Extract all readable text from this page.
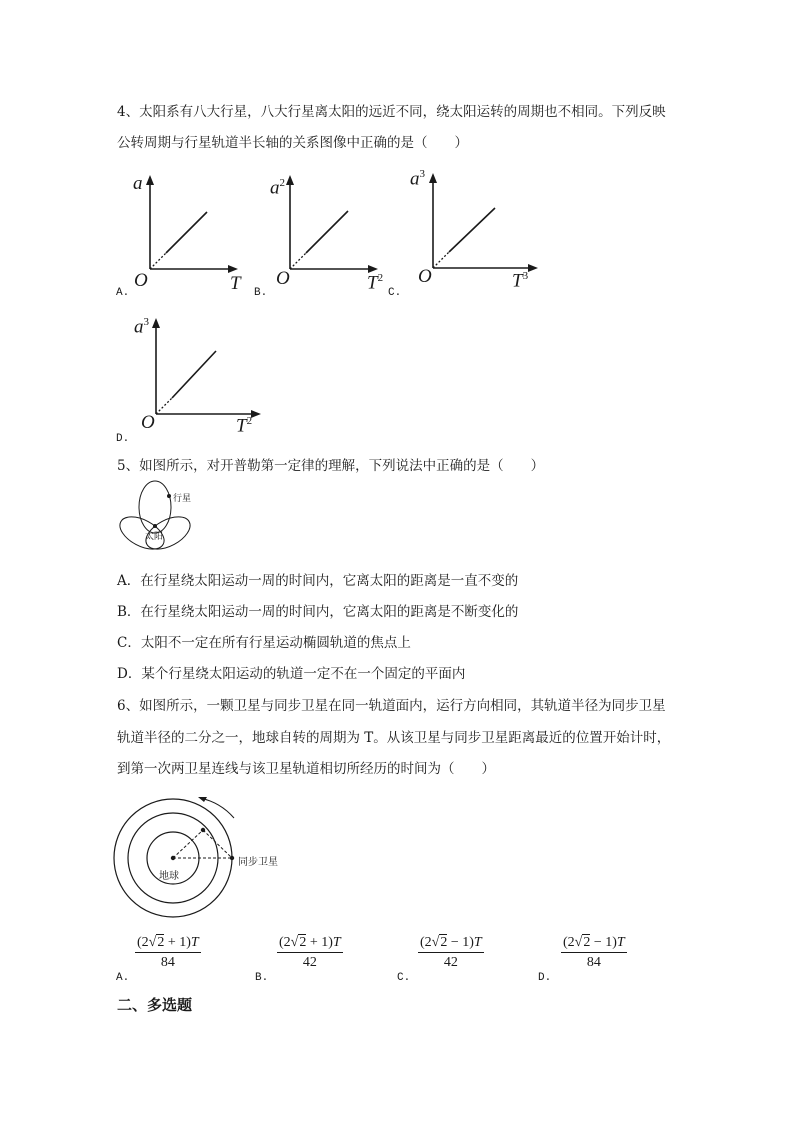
4、太阳系有八大行星，八大行星离太阳的远近不同，绕太阳运转的周期也不相同。下列反映
公转周期与行星轨道半长轴的关系图像中正确的是（　　）
a
O	T
A.
$a^2$
O	$T^2$
B.
$a^3$
O	$T^3$
C.
$a^3$
O	$T^2$
D.
5、如图所示，对开普勒第一定律的理解，下列说法中正确的是（　　）
行星
太阳
A．在行星绕太阳运动一周的时间内，它离太阳的距离是一直不变的
B．在行星绕太阳运动一周的时间内，它离太阳的距离是不断变化的
C．太阳不一定在所有行星运动椭圆轨道的焦点上
D．某个行星绕太阳运动的轨道一定不在一个固定的平面内
6、如图所示，一颗卫星与同步卫星在同一轨道面内，运行方向相同，其轨道半径为同步卫星
轨道半径的二分之一，地球自转的周期为 T。从该卫星与同步卫星距离最近的位置开始计时，
到第一次两卫星连线与该卫星轨道相切所经历的时间为（　　）
地球
同步卫星
A.
$\frac{(2√2 + 1)T}{84}$
B.
$\frac{(2√2 + 1)T}{42}$
C.
$\frac{(2√2 - 1)T}{42}$
D.
$\frac{(2√2 - 1)T}{84}$
二、多选题
